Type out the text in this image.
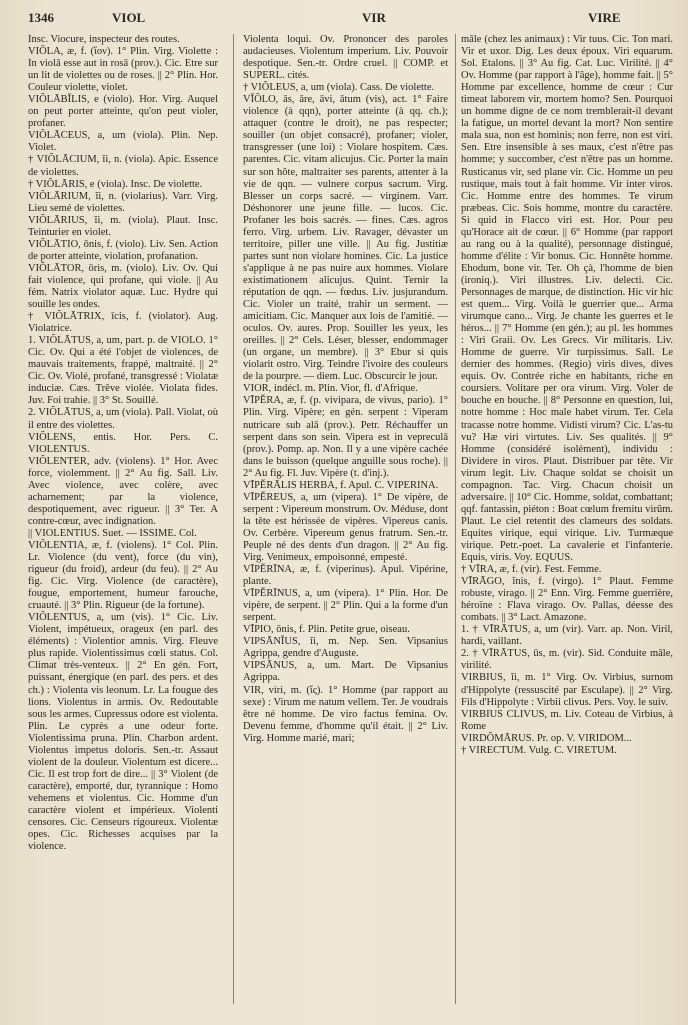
1346	VIOL	VIR	VIRE

Insc. Viocure, inspecteur des routes.

VIŌLA, æ, f. (ἴον). 1° Plin. Virg. Violette : In violā esse aut in rosā (prov.). Cic. Etre sur un lit de violettes ou de roses. || 2° Plin. Hor. Couleur violette, violet.

VIŎLĀBĬLIS, e (violo). Hor. Virg. Auquel on peut porter atteinte, qu'on peut violer, profaner.

VIŎLĀCEUS, a, um (viola). Plin. Nep. Violet.

† VIŎLĀCIUM, ĭi, n. (viola). Apic. Essence de violettes.

† VIŎLĀRIS, e (viola). Insc. De violette.

VIŎLĀRIUM, ĭi, n. (violarius). Varr. Virg. Lieu semé de violettes.

VIŎLĀRIUS, ĭi, m. (viola). Plaut. Insc. Teinturier en violet.

VIŎLĀTIO, ōnis, f. (violo). Liv. Sen. Action de porter atteinte, violation, profanation.

VIŎLĀTOR, ōris, m. (violo). Liv. Ov. Qui fait violence, qui profane, qui viole. || Au fém. Natrix violator aquæ. Luc. Hydre qui souille les ondes.

† VIŎLĀTRIX, īcis, f. (violator). Aug. Violatrice.

1. VIŎLĀTUS, a, um, part. p. de VIOLO. 1° Cic. Ov. Qui a été l'objet de violences, de mauvais traitements, frappé, maltraité. || 2° Cic. Ov. Violé, profané, transgressé : Violatæ induciæ. Cæs. Trêve violée. Violata fides. Juv. Foi trahie. || 3° St. Souillé.

2. VIŎLĀTUS, a, um (viola). Pall. Violat, où il entre des violettes.

VIŎLENS, entis. Hor. Pers. C. VIOLENTUS.

VIŎLENTER, adv. (violens). 1° Hor. Avec force, violemment. || 2° Au fig. Sall. Liv. Avec violence, avec colère, avec acharnement; par la violence, despotiquement, avec rigueur. || 3° Ter. A contre-cœur, avec indignation.

|| VIOLENTIUS. Suet. — ISSIME. Col.

VIŎLENTIA, æ, f. (violens). 1° Col. Plin. Lr. Violence (du vent), force (du vin), rigueur (du froid), ardeur (du feu). || 2° Au fig. Cic. Virg. Violence (de caractère), fougue, emportement, humeur farouche, cruauté. || 3° Plin. Rigueur (de la fortune).

VIŎLENTUS, a, um (vis). 1° Cic. Liv. Violent, impétueux, orageux (en parl. des éléments) : Violentior amnis. Virg. Fleuve plus rapide. Violentissimus cœli status. Col. Climat très-venteux. || 2° En gén. Fort, puissant, énergique (en parl. des pers. et des ch.) : Violenta vis leonum. Lr. La fougue des lions. Violentus in armis. Ov. Redoutable sous les armes. Cupressus odore est violenta. Plin. Le cyprès a une odeur forte. Violentissima pruna. Plin. Charbon ardent. Violentus impetus doloris. Sen.-tr. Assaut violent de la douleur. Violentum est dicere... Cic. Il est trop fort de dire... || 3° Violent (de caractère), emporté, dur, tyrannique : Homo vehemens et violentus. Cic. Homme d'un caractère violent et impérieux. Violenti censores. Cic. Censeurs rigoureux. Violentæ opes. Cic. Richesses acquises par la violence.

Violenta loqui. Ov. Prononcer des paroles audacieuses. Violentum imperium. Liv. Pouvoir despotique. Sen.-tr. Ordre cruel. || COMP. et SUPERL. cités.

† VIŎLEUS, a, um (viola). Cass. De violette.

VĬŎLO, ās, āre, āvi, ātum (vis), act. 1° Faire violence (à qqn), porter atteinte (à qq. ch.); attaquer (contre le droit), ne pas respecter; souiller (un objet consacré), profaner; violer, transgresser (une loi) : Violare hospitem. Cæs. parentes. Cic. vitam alicujus. Cic. Porter la main sur son hôte, maltraiter ses parents, attenter à la vie de qqn. — vulnere corpus sacrum. Virg. Blesser un corps sacré. — virginem. Varr. Déshonorer une jeune fille. — lucos. Cic. Profaner les bois sacrés. — fines. Cæs. agros ferro. Virg. urbem. Liv. Ravager, dévaster un territoire, piller une ville. || Au fig. Justitiæ partes sunt non violare homines. Cic. La justice s'applique à ne pas nuire aux hommes. Violare existimationem alicujus. Quint. Ternir la réputation de qqn. — fœdus. Liv. jusjurandum. Cic. Violer un traité, trahir un serment. — amicitiam. Cic. Manquer aux lois de l'amitié. — oculos. Ov. aures. Prop. Souiller les yeux, les oreilles. || 2° Cels. Léser, blesser, endommager (un organe, un membre). || 3° Ebur si quis violarit ostro. Virg. Teindre l'ivoire des couleurs de la pourpre. — diem. Luc. Obscurcir le jour.

VIOR, indécl. m. Plin. Vior, fl. d'Afrique.

VĪPĔRA, æ, f. (p. vivipara, de vivus, pario). 1° Plin. Virg. Vipère; en gén. serpent : Viperam nutricare sub alā (prov.). Petr. Réchauffer un serpent dans son sein. Vipera est in vepreculā (prov.). Pomp. ap. Non. Il y a une vipère cachée dans le buisson (quelque anguille sous roche). || 2° Au fig. Fl. Juv. Vipère (t. d'inj.).

VĪPĔRĀLIS HERBA, f. Apul. C. VIPERINA.

VĪPĔREUS, a, um (vipera). 1° De vipère, de serpent : Vipereum monstrum. Ov. Méduse, dont la tête est hérissée de vipères. Vipereus canis. Ov. Cerbère. Vipereum genus fratrum. Sen.-tr. Peuple né des dents d'un dragon. || 2° Au fig. Virg. Venimeux, empoisonné, empesté.

VĪPĔRĪNA, æ, f. (viperinus). Apul. Vipérine, plante.

VĪPĔRĪNUS, a, um (vipera). 1° Plin. Hor. De vipère, de serpent. || 2° Plin. Qui a la forme d'un serpent.

VĪPIO, ōnis, f. Plin. Petite grue, oiseau.

VIPSĀNĬUS, ĭi, m. Nep. Sen. Vipsanius Agrippa, gendre d'Auguste.

VIPSĀNUS, a, um. Mart. De Vipsanius Agrippa.

VIR, viri, m. (ἴς). 1° Homme (par rapport au sexe) : Virum me natum vellem. Ter. Je voudrais être né homme. De viro factus femina. Ov. Devenu femme, d'homme qu'il était. || 2° Liv. Virg. Homme marié, mari;

mâle (chez les animaux) : Vir tuus. Cic. Ton mari. Vir et uxor. Dig. Les deux époux. Viri equarum. Sol. Etalons. || 3° Au fig. Cat. Luc. Virilité. || 4° Ov. Homme (par rapport à l'âge), homme fait. || 5° Homme par excellence, homme de cœur : Cur timeat laborem vir, mortem homo? Sen. Pourquoi un homme digne de ce nom tremblerait-il devant la fatigue, un mortel devant la mort? Non sentire mala sua, non est hominis; non ferre, non est viri. Sen. Etre insensible à ses maux, c'est n'être pas homme; y succomber, c'est n'être pas un homme. Rusticanus vir, sed plane vir. Cic. Homme un peu rustique, mais tout à fait homme. Vir inter viros. Cic. Homme entre des hommes. Te virum præbeas. Cic. Sois homme, montre du caractère. Si quid in Flacco viri est. Hor. Pour peu qu'Horace ait de cœur. || 6° Homme (par rapport au rang ou à la qualité), personnage distingué, homme d'élite : Vir bonus. Cic. Honnête homme. Ehodum, bone vir. Ter. Oh çà, l'homme de bien (ironiq.). Viri illustres. Liv. delecti. Cic. Personnages de marque, de distinction. Hic vir hic est quem... Virg. Voilà le guerrier que... Arma virumque cano... Virg. Je chante les guerres et le héros... || 7° Homme (en gén.); au pl. les hommes : Viri Graii. Ov. Les Grecs. Vir militaris. Liv. Homme de guerre. Vir turpissimus. Sall. Le dernier des hommes. (Regio) viris dives, dives equis. Ov. Contrée riche en habitants, riche en coursiers. Volitare per ora virum. Virg. Voler de bouche en bouche. || 8° Personne en question, lui, notre homme : Hoc male habet virum. Ter. Cela tracasse notre homme. Vidisti virum? Cic. L'as-tu vu? Hæ viri virtutes. Liv. Ses qualités. || 9° Homme (considéré isolément), individu : Dividere in viros. Plaut. Distribuer par tête. Vir virum legit. Liv. Chaque soldat se choisit un compagnon. Tac. Virg. Chacun choisit un adversaire. || 10° Cic. Homme, soldat, combattant; qqf. fantassin, piéton : Boat cœlum fremitu virûm. Plaut. Le ciel retentit des clameurs des soldats. Equites virique, equi virique. Liv. Turmæque virique. Petr.-poet. La cavalerie et l'infanterie. Equis, viris. Voy. EQUUS.

† VĪRA, æ, f. (vir). Fest. Femme.

VĪRĀGO, ĭnis, f. (virgo). 1° Plaut. Femme robuste, virago. || 2° Enn. Virg. Femme guerrière, héroïne : Flava virago. Ov. Pallas, déesse des combats. || 3° Lact. Amazone.

1. † VĪRĀTUS, a, um (vir). Varr. ap. Non. Viril, hardi, vaillant.

2. † VĪRĀTUS, ūs, m. (vir). Sid. Conduite mâle, virilité.

VIRBIUS, ĭi, m. 1° Virg. Ov. Virbius, surnom d'Hippolyte (ressuscité par Esculape). || 2° Virg. Fils d'Hippolyte : Virbii clivus. Pers. Voy. le suiv.

VIRBIUS CLIVUS, m. Liv. Coteau de Virbius, à Rome

VIRDŎMĀRUS. Pr. op. V. VIRIDOM...

† VIRECTUM. Vulg. C. VIRETUM.
